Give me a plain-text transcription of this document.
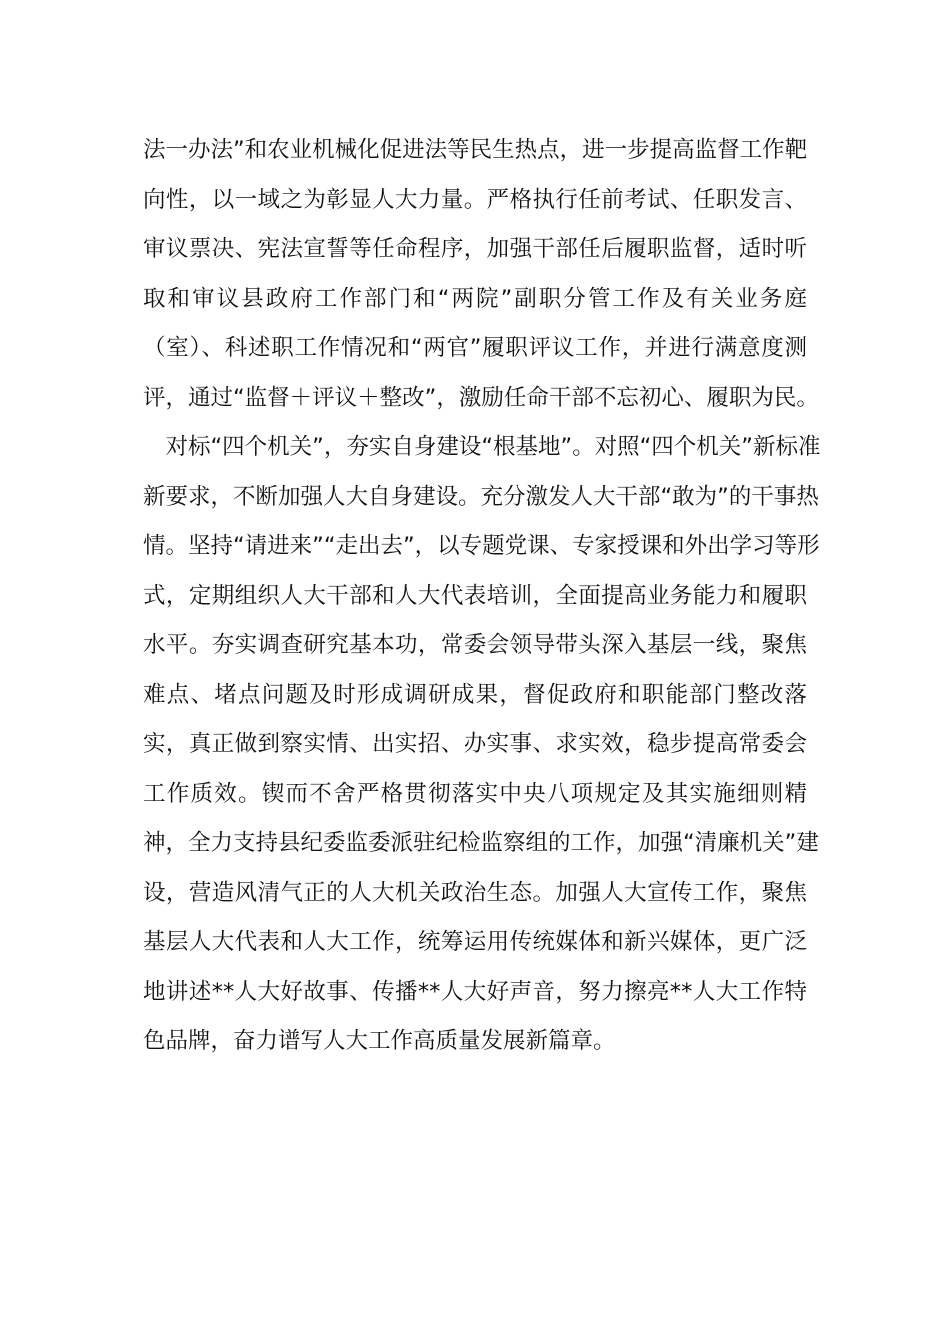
法一办法”和农业机械化促进法等民生热点，进一步提高监督工作靶
向性，以一域之为彰显人大力量。严格执行任前考试、任职发言、
审议票决、宪法宣誓等任命程序，加强干部任后履职监督，适时听
取和审议县政府工作部门和“两院”副职分管工作及有关业务庭
（室）、科述职工作情况和“两官”履职评议工作，并进行满意度测
评，通过“监督＋评议＋整改”，激励任命干部不忘初心、履职为民。
　对标“四个机关”，夯实自身建设“根基地”。对照“四个机关”新标准
新要求，不断加强人大自身建设。充分激发人大干部“敢为”的干事热
情。坚持“请进来”“走出去”，以专题党课、专家授课和外出学习等形
式，定期组织人大干部和人大代表培训，全面提高业务能力和履职
水平。夯实调查研究基本功，常委会领导带头深入基层一线，聚焦
难点、堵点问题及时形成调研成果，督促政府和职能部门整改落
实，真正做到察实情、出实招、办实事、求实效，稳步提高常委会
工作质效。锲而不舍严格贯彻落实中央八项规定及其实施细则精
神，全力支持县纪委监委派驻纪检监察组的工作，加强“清廉机关”建
设，营造风清气正的人大机关政治生态。加强人大宣传工作，聚焦
基层人大代表和人大工作，统筹运用传统媒体和新兴媒体，更广泛
地讲述**人大好故事、传播**人大好声音，努力擦亮**人大工作特
色品牌，奋力谱写人大工作高质量发展新篇章。
